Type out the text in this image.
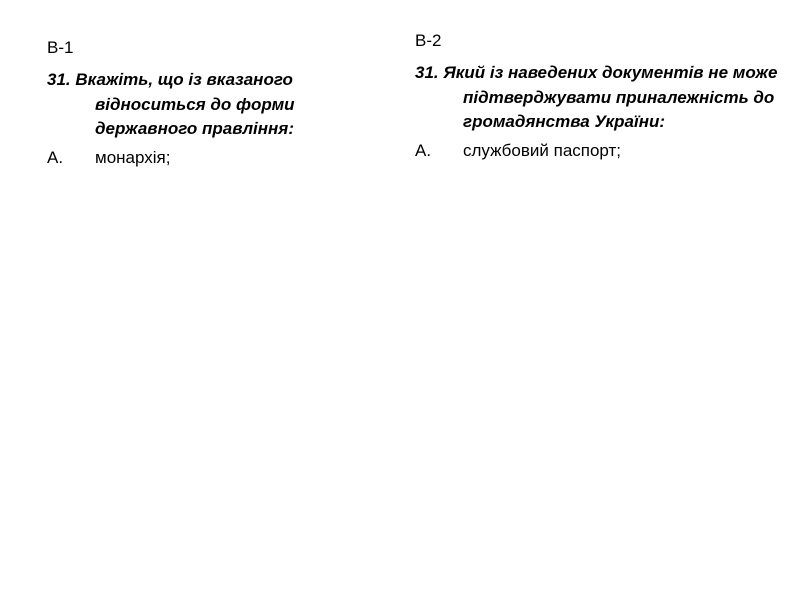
В-1

31. Вкажіть, що із вказаного відноситься до форми державного правління:

А.	монархія;

В-2

31. Який із наведених документів не може підтверджувати приналежність до громадянства України:

А.	службовий паспорт;
